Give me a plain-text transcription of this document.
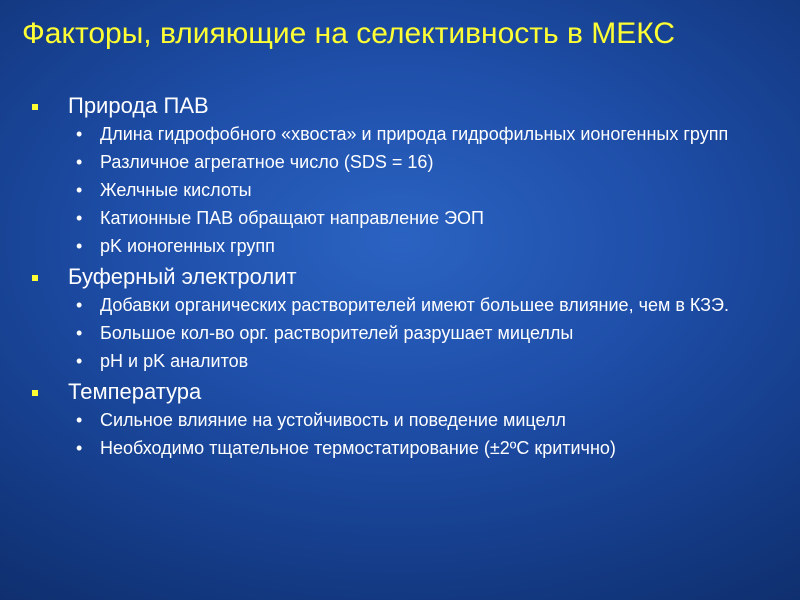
Факторы, влияющие на селективность в МЕКС
Природа ПАВ
• Длина гидрофобного «хвоста» и природа гидрофильных ионогенных групп
• Различное агрегатное число (SDS = 16)
• Желчные кислоты
• Катионные ПАВ обращают направление ЭОП
• pK ионогенных групп
Буферный электролит
• Добавки органических растворителей имеют большее влияние, чем в КЗЭ.
• Большое кол-во орг. растворителей разрушает мицеллы
• pH и pK аналитов
Температура
• Сильное влияние на устойчивость и поведение мицелл
• Необходимо тщательное термостатирование (±2ºC критично)
